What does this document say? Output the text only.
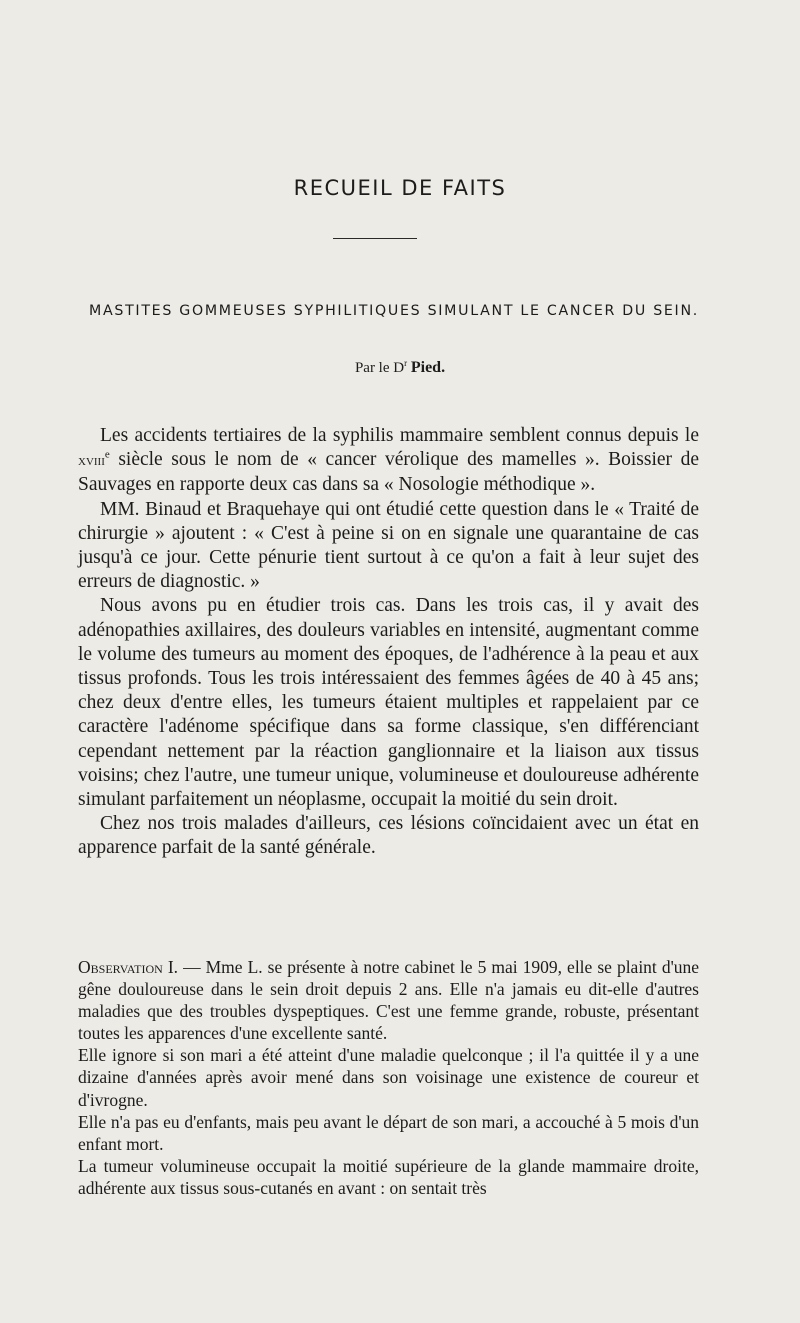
RECUEIL DE FAITS
MASTITES GOMMEUSES SYPHILITIQUES SIMULANT LE CANCER DU SEIN.
Par le $D^r$ Pied.

Les accidents tertiaires de la syphilis mammaire semblent connus depuis le xviii$^e$ siècle sous le nom de « cancer vérolique des mamelles ». Boissier de Sauvages en rapporte deux cas dans sa « Nosologie méthodique ».

MM. Binaud et Braquehaye qui ont étudié cette question dans le « Traité de chirurgie » ajoutent : « C'est à peine si on en signale une quarantaine de cas jusqu'à ce jour. Cette pénurie tient surtout à ce qu'on a fait à leur sujet des erreurs de diagnostic. »

Nous avons pu en étudier trois cas. Dans les trois cas, il y avait des adénopathies axillaires, des douleurs variables en intensité, augmentant comme le volume des tumeurs au moment des époques, de l'adhérence à la peau et aux tissus profonds. Tous les trois intéressaient des femmes âgées de 40 à 45 ans; chez deux d'entre elles, les tumeurs étaient multiples et rappelaient par ce caractère l'adénome spécifique dans sa forme classique, s'en différenciant cependant nettement par la réaction ganglionnaire et la liaison aux tissus voisins; chez l'autre, une tumeur unique, volumineuse et douloureuse adhérente simulant parfaitement un néoplasme, occupait la moitié du sein droit.

Chez nos trois malades d'ailleurs, ces lésions coïncidaient avec un état en apparence parfait de la santé générale.

Observation I. — Mme L. se présente à notre cabinet le 5 mai 1909, elle se plaint d'une gêne douloureuse dans le sein droit depuis 2 ans. Elle n'a jamais eu dit-elle d'autres maladies que des troubles dyspeptiques. C'est une femme grande, robuste, présentant toutes les apparences d'une excellente santé.

Elle ignore si son mari a été atteint d'une maladie quelconque ; il l'a quittée il y a une dizaine d'années après avoir mené dans son voisinage une existence de coureur et d'ivrogne.

Elle n'a pas eu d'enfants, mais peu avant le départ de son mari, a accouché à 5 mois d'un enfant mort.

La tumeur volumineuse occupait la moitié supérieure de la glande mammaire droite, adhérente aux tissus sous-cutanés en avant : on sentait très
